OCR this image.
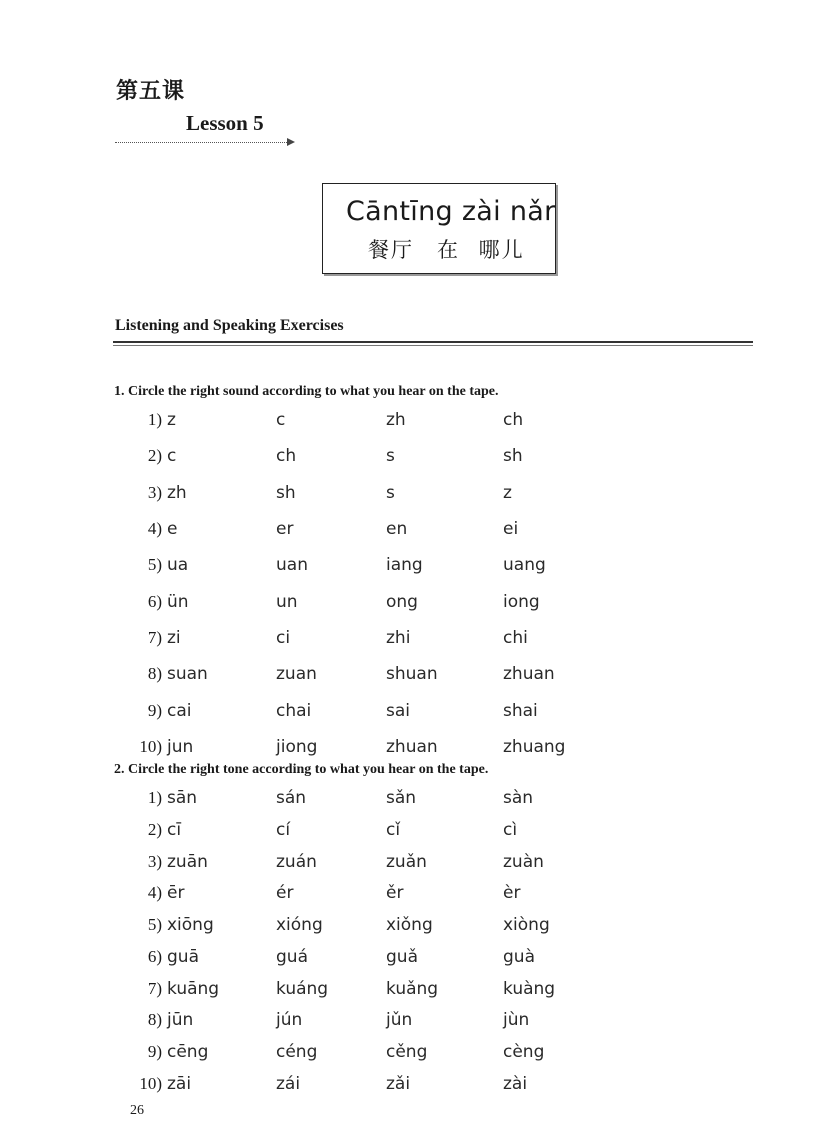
第五课
Lesson 5
Cāntīng zài nǎr
餐厅　在 哪儿
Listening and Speaking Exercises
1. Circle the right sound according to what you hear on the tape.
1) z	c	zh	ch
2) c	ch	s	sh
3) zh	sh	s	z
4) e	er	en	ei
5) ua	uan	iang	uang
6) ün	un	ong	iong
7) zi	ci	zhi	chi
8) suan	zuan	shuan	zhuan
9) cai	chai	sai	shai
10) jun	jiong	zhuan	zhuang
2. Circle the right tone according to what you hear on the tape.
1) sān	sán	sǎn	sàn
2) cī	cí	cǐ	cì
3) zuān	zuán	zuǎn	zuàn
4) ēr	ér	ěr	èr
5) xiōng	xióng	xiǒng	xiòng
6) guā	guá	guǎ	guà
7) kuāng	kuáng	kuǎng	kuàng
8) jūn	jún	jǔn	jùn
9) cēng	céng	cěng	cèng
10) zāi	zái	zǎi	zài
26
